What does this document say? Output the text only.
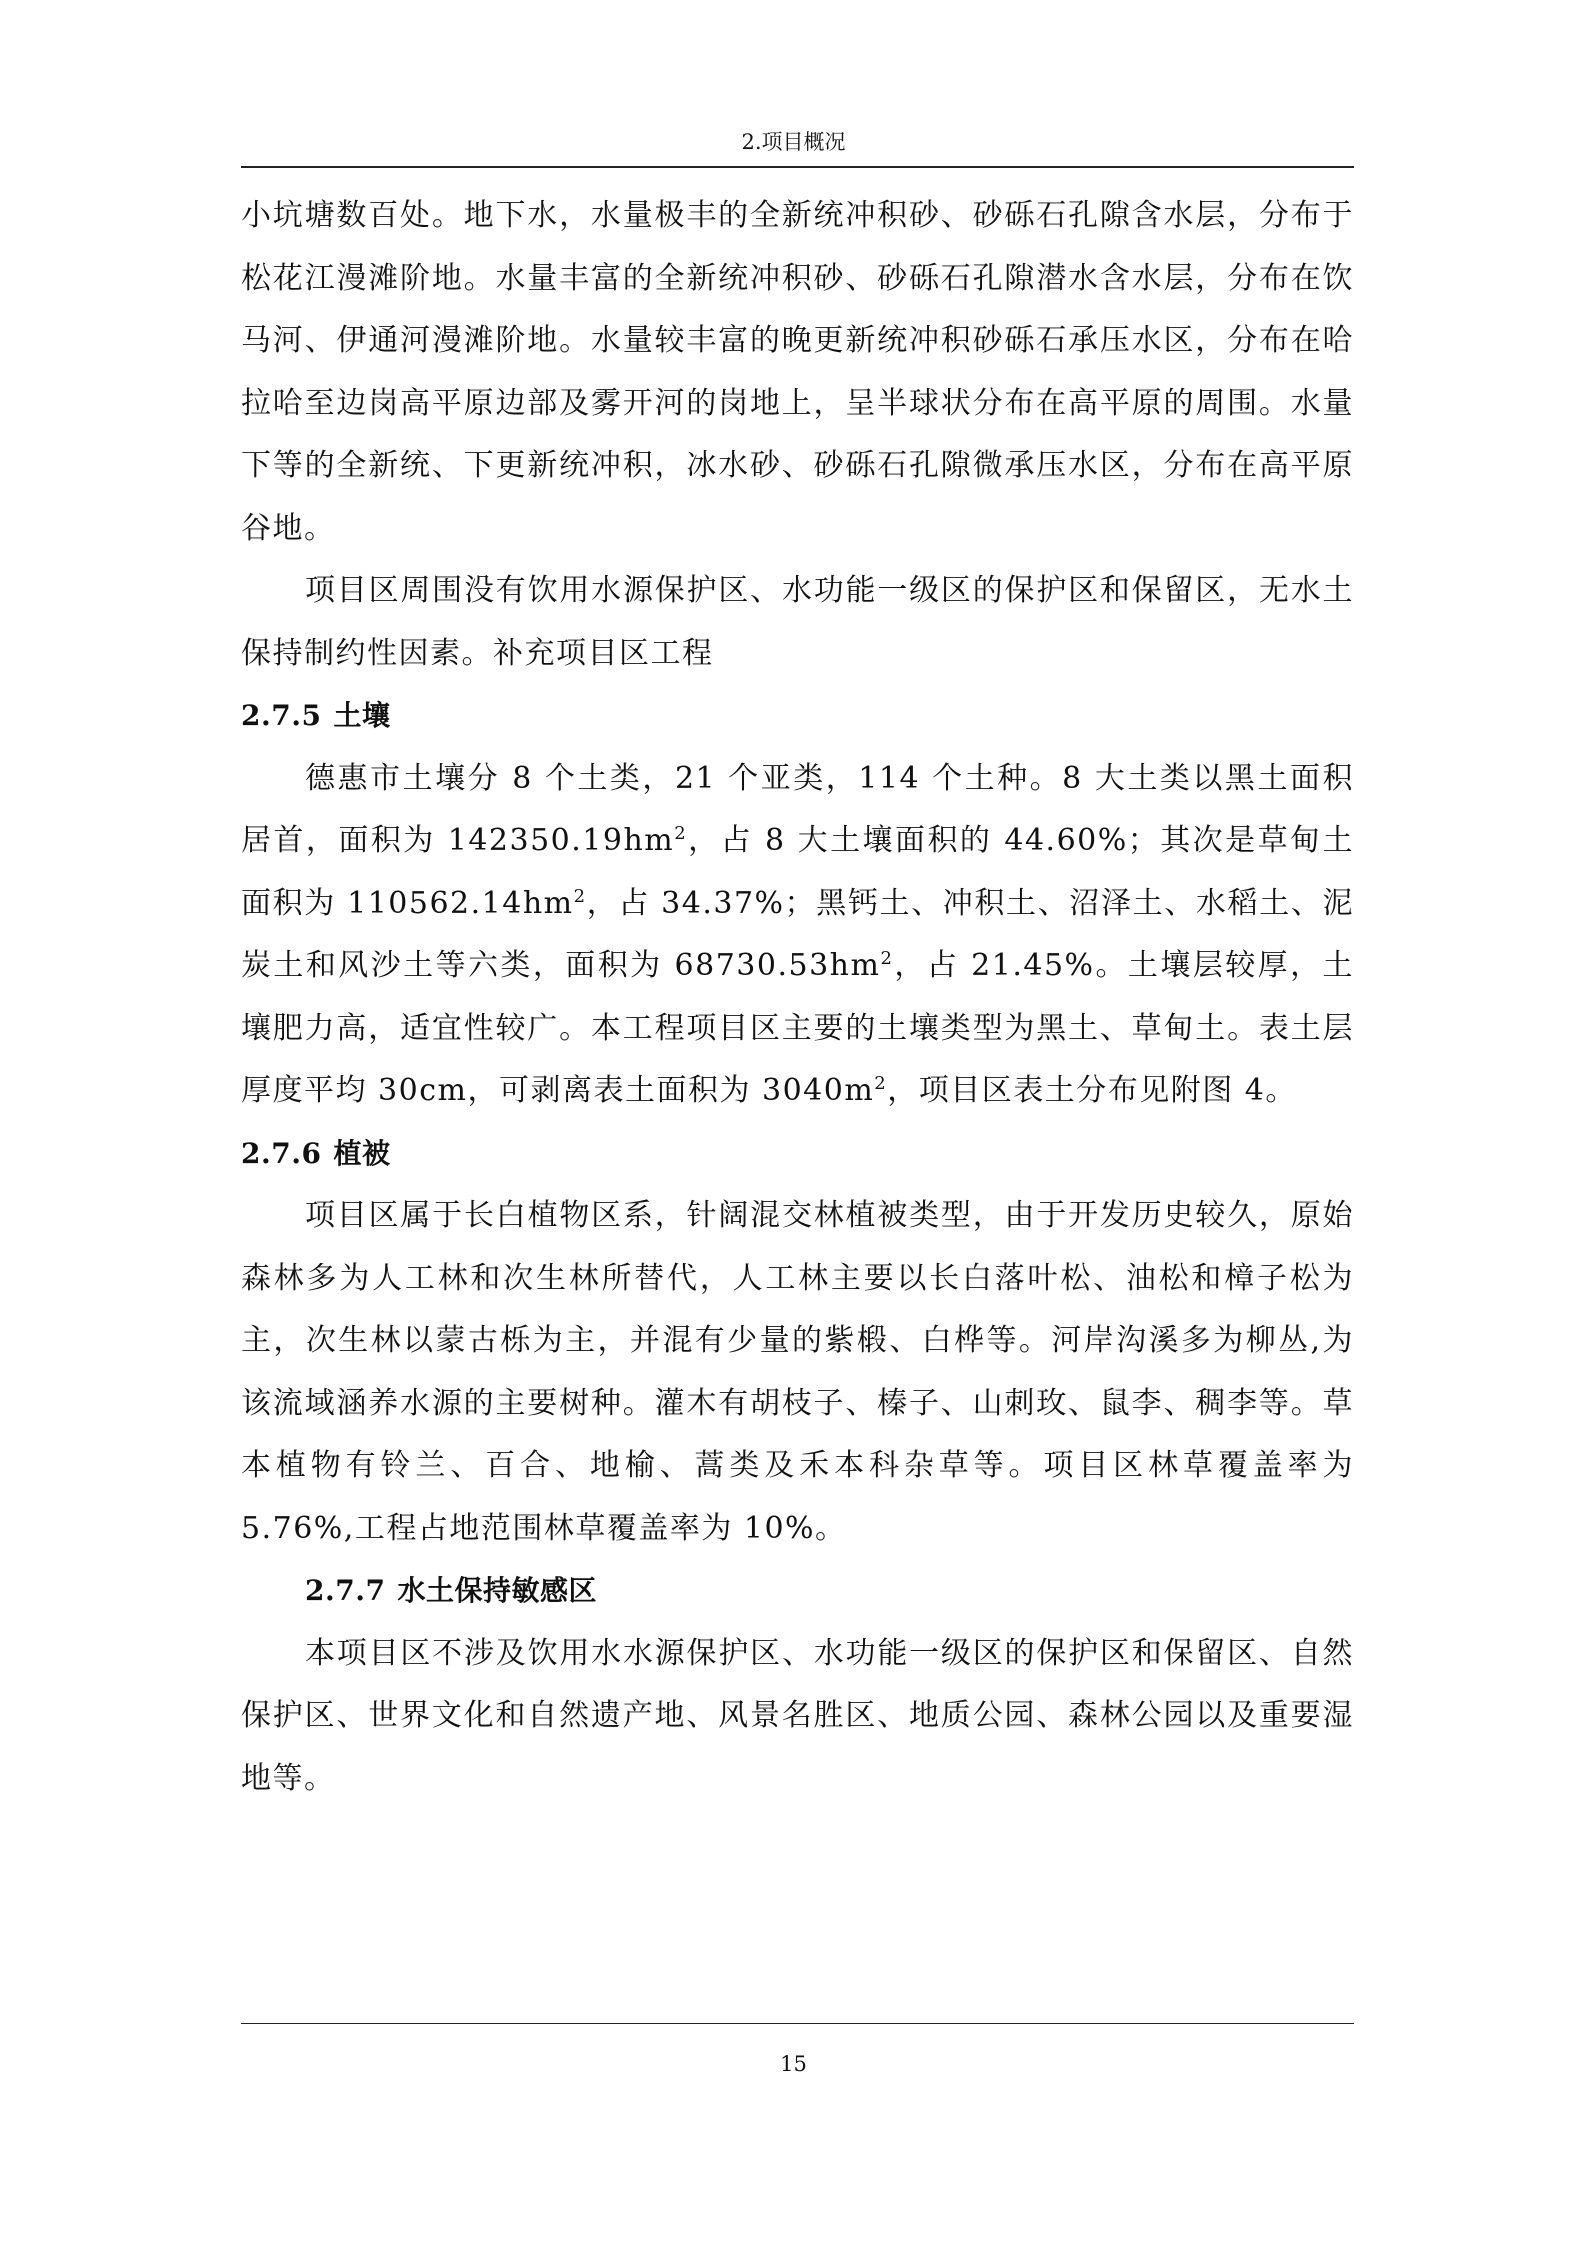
2.项目概况

小坑塘数百处。地下水，水量极丰的全新统冲积砂、砂砾石孔隙含水层，分布于松花江漫滩阶地。水量丰富的全新统冲积砂、砂砾石孔隙潜水含水层，分布在饮马河、伊通河漫滩阶地。水量较丰富的晚更新统冲积砂砾石承压水区，分布在哈拉哈至边岗高平原边部及雾开河的岗地上，呈半球状分布在高平原的周围。水量下等的全新统、下更新统冲积，冰水砂、砂砾石孔隙微承压水区，分布在高平原谷地。

项目区周围没有饮用水源保护区、水功能一级区的保护区和保留区，无水土保持制约性因素。补充项目区工程

2.7.5 土壤

德惠市土壤分 8 个土类，21 个亚类，114 个土种。8 大土类以黑土面积居首，面积为 $142350.19hm^2$，占 8 大土壤面积的 44.60%；其次是草甸土面积为 $110562.14hm^2$，占 34.37%；黑钙土、冲积土、沼泽土、水稻土、泥炭土和风沙土等六类，面积为 $68730.53hm^2$，占 21.45%。土壤层较厚，土壤肥力高，适宜性较广。本工程项目区主要的土壤类型为黑土、草甸土。表土层厚度平均 30cm，可剥离表土面积为 $3040m^2$，项目区表土分布见附图 4。

2.7.6 植被

项目区属于长白植物区系，针阔混交林植被类型，由于开发历史较久，原始森林多为人工林和次生林所替代，人工林主要以长白落叶松、油松和樟子松为主，次生林以蒙古栎为主，并混有少量的紫椴、白桦等。河岸沟溪多为柳丛,为该流域涵养水源的主要树种。灌木有胡枝子、榛子、山刺玫、鼠李、稠李等。草本植物有铃兰、百合、地榆、蒿类及禾本科杂草等。项目区林草覆盖率为 5.76%,工程占地范围林草覆盖率为 10%。

2.7.7 水土保持敏感区

本项目区不涉及饮用水水源保护区、水功能一级区的保护区和保留区、自然保护区、世界文化和自然遗产地、风景名胜区、地质公园、森林公园以及重要湿地等。

15
